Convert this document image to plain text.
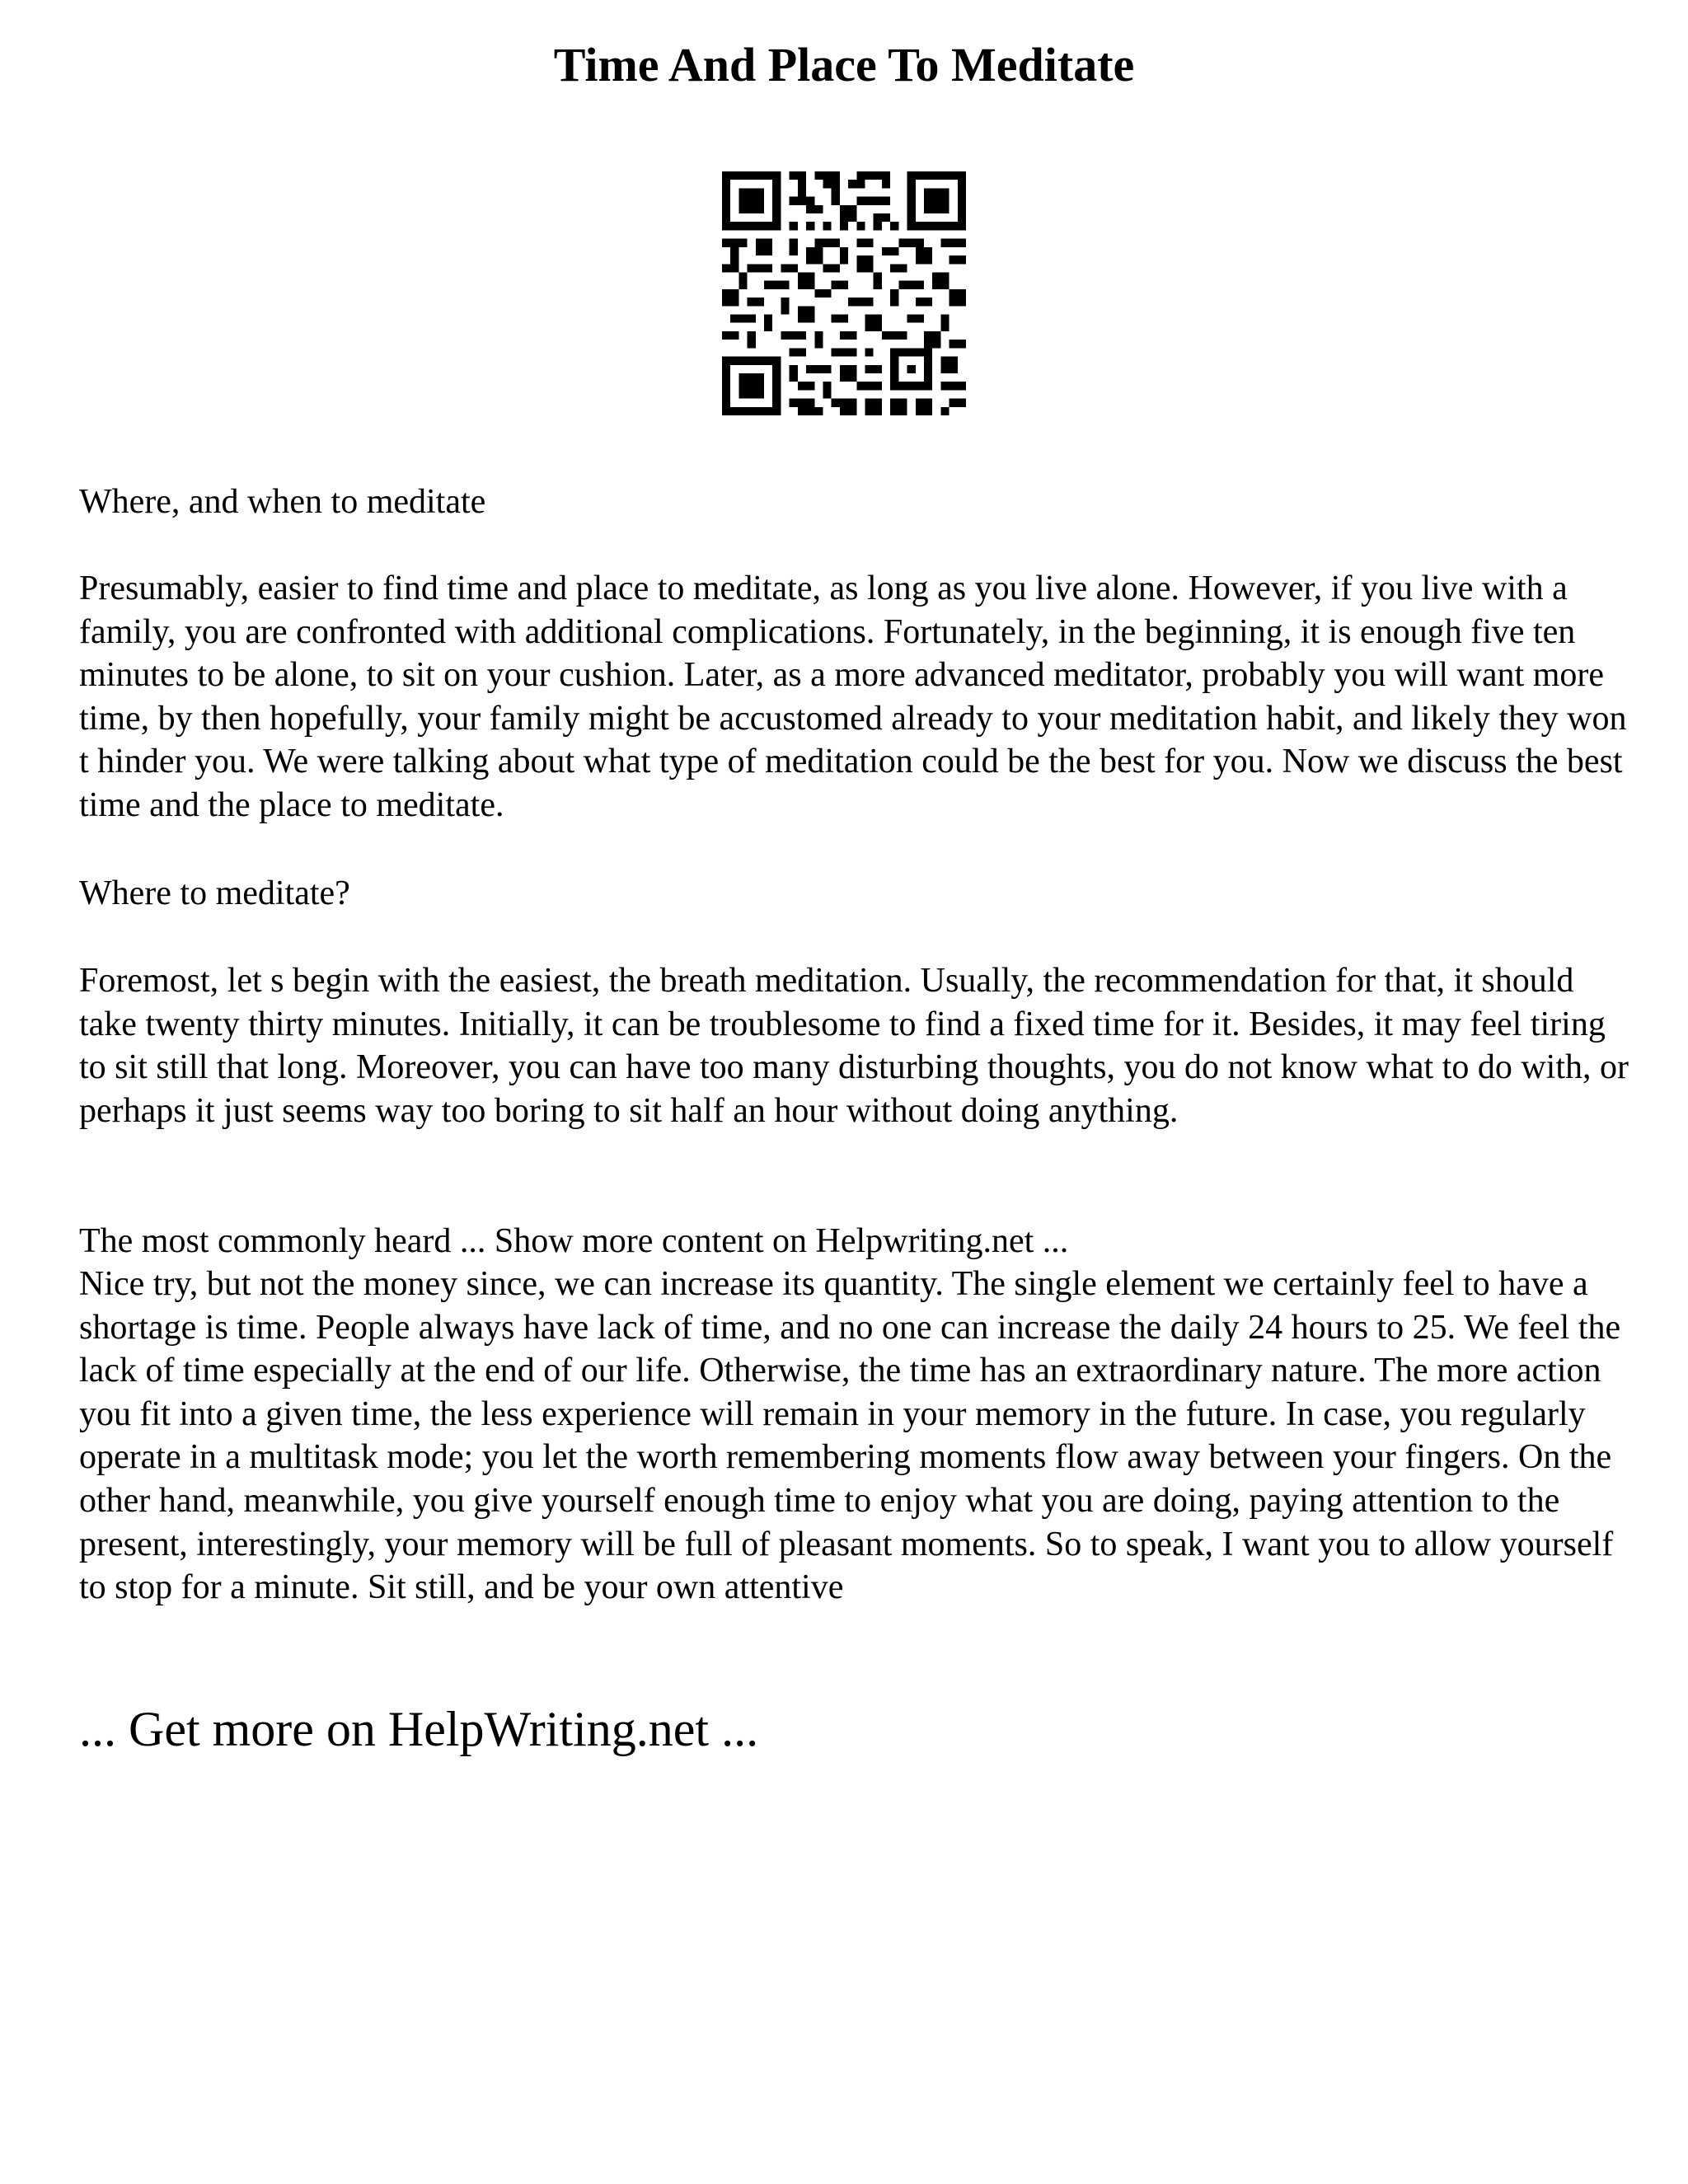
Time And Place To Meditate

Where, and when to meditate

Presumably, easier to find time and place to meditate, as long as you live alone. However, if you live with a family, you are confronted with additional complications. Fortunately, in the beginning, it is enough five ten minutes to be alone, to sit on your cushion. Later, as a more advanced meditator, probably you will want more time, by then hopefully, your family might be accustomed already to your meditation habit, and likely they won t hinder you. We were talking about what type of meditation could be the best for you. Now we discuss the best time and the place to meditate.

Where to meditate?

Foremost, let s begin with the easiest, the breath meditation. Usually, the recommendation for that, it should take twenty thirty minutes. Initially, it can be troublesome to find a fixed time for it. Besides, it may feel tiring to sit still that long. Moreover, you can have too many disturbing thoughts, you do not know what to do with, or perhaps it just seems way too boring to sit half an hour without doing anything.

The most commonly heard ... Show more content on Helpwriting.net ...

Nice try, but not the money since, we can increase its quantity. The single element we certainly feel to have a shortage is time. People always have lack of time, and no one can increase the daily 24 hours to 25. We feel the lack of time especially at the end of our life. Otherwise, the time has an extraordinary nature. The more action you fit into a given time, the less experience will remain in your memory in the future. In case, you regularly operate in a multitask mode; you let the worth remembering moments flow away between your fingers. On the other hand, meanwhile, you give yourself enough time to enjoy what you are doing, paying attention to the present, interestingly, your memory will be full of pleasant moments. So to speak, I want you to allow yourself to stop for a minute. Sit still, and be your own attentive

... Get more on HelpWriting.net ...
